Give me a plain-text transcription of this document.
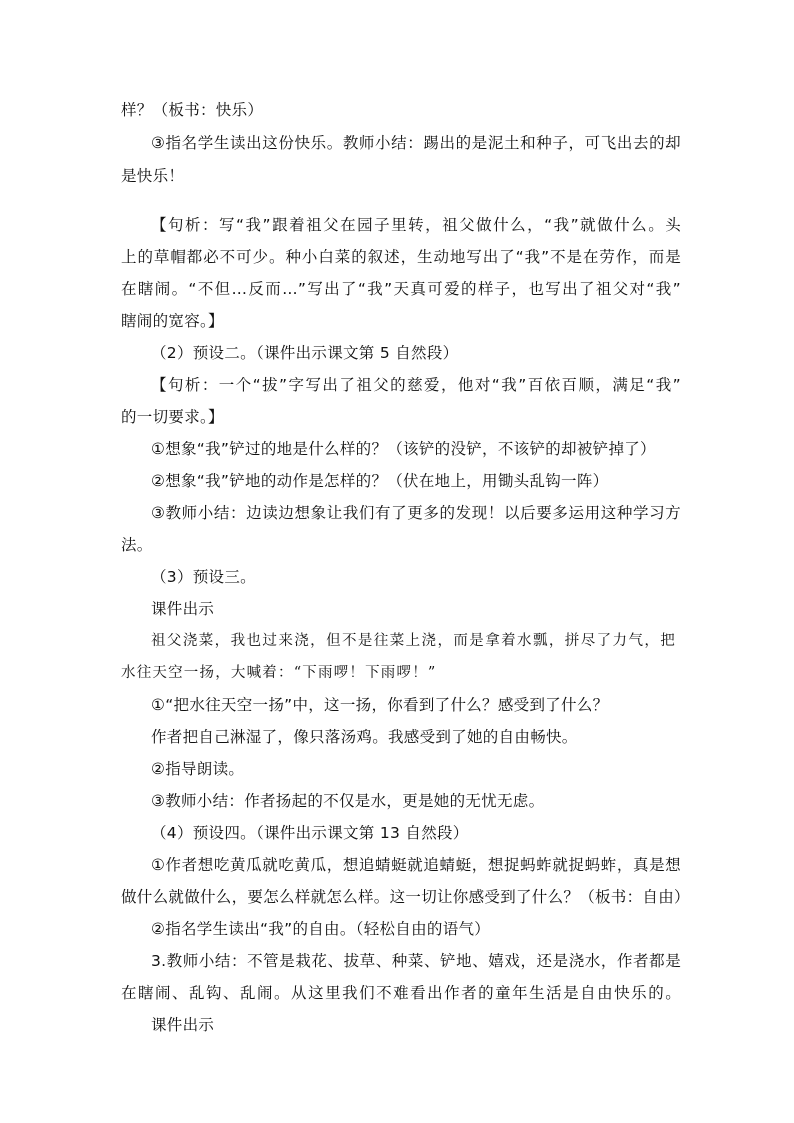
样？（板书：快乐）
③指名学生读出这份快乐。教师小结：踢出的是泥土和种子，可飞出去的却
是快乐！
【句析：写“我”跟着祖父在园子里转，祖父做什么，“我”就做什么。头
上的草帽都必不可少。种小白菜的叙述，生动地写出了“我”不是在劳作，而是
在瞎闹。“不但…反而…”写出了“我”天真可爱的样子，也写出了祖父对“我”
瞎闹的宽容。】
（2）预设二。（课件出示课文第 5 自然段）
【句析：一个“拔”字写出了祖父的慈爱，他对“我”百依百顺，满足“我”
的一切要求。】
①想象“我”铲过的地是什么样的？（该铲的没铲，不该铲的却被铲掉了）
②想象“我”铲地的动作是怎样的？（伏在地上，用锄头乱钩一阵）
③教师小结：边读边想象让我们有了更多的发现！以后要多运用这种学习方
法。
（3）预设三。
课件出示
祖父浇菜，我也过来浇，但不是往菜上浇，而是拿着水瓢，拼尽了力气，把
水往天空一扬，大喊着：“下雨啰！下雨啰！”
①“把水往天空一扬”中，这一扬，你看到了什么？感受到了什么？
作者把自己淋湿了，像只落汤鸡。我感受到了她的自由畅快。
②指导朗读。
③教师小结：作者扬起的不仅是水，更是她的无忧无虑。
（4）预设四。（课件出示课文第 13 自然段）
①作者想吃黄瓜就吃黄瓜，想追蜻蜓就追蜻蜓，想捉蚂蚱就捉蚂蚱，真是想
做什么就做什么，要怎么样就怎么样。这一切让你感受到了什么？（板书：自由）
②指名学生读出“我”的自由。（轻松自由的语气）
3.教师小结：不管是栽花、拔草、种菜、铲地、嬉戏，还是浇水，作者都是
在瞎闹、乱钩、乱闹。从这里我们不难看出作者的童年生活是自由快乐的。
课件出示
